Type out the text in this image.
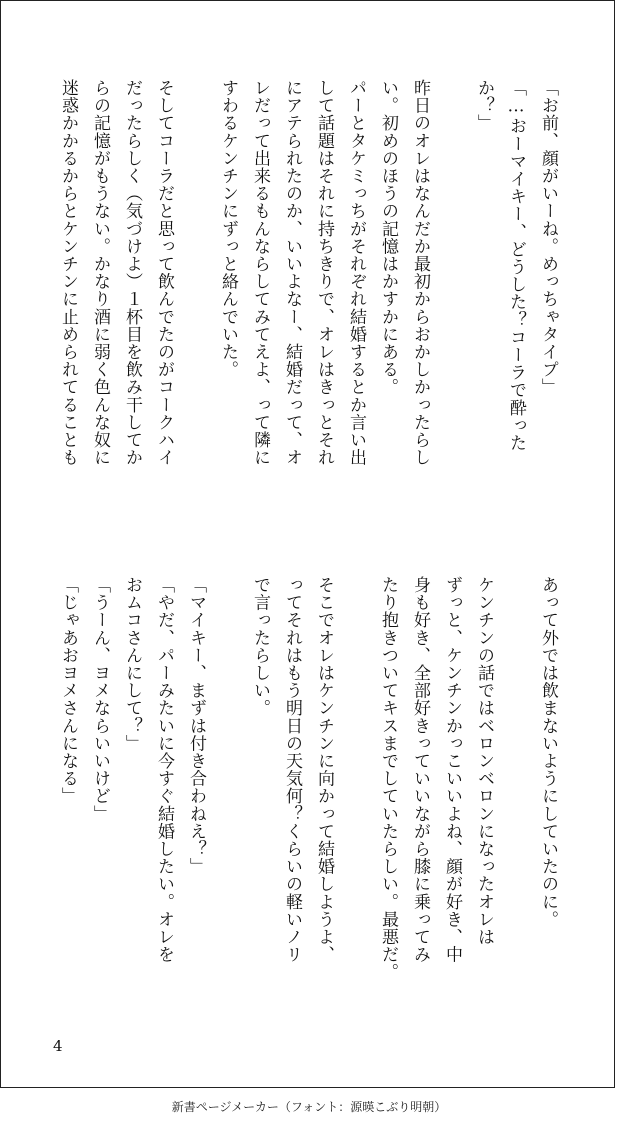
「お前、顔がいーね。めっちゃタイプ」
「…おーマイキー、どうした？コーラで酔った
か？」

昨日のオレはなんだか最初からおかしかったらし
い。初めのほうの記憶はかすかにある。
パーとタケミっちがそれぞれ結婚するとか言い出
して話題はそれに持ちきりで、オレはきっとそれ
にアテられたのか、いいよなー、結婚だって、オ
レだって出来るもんならしてみてえよ、って隣に
すわるケンチンにずっと絡んでいた。

そしてコーラだと思って飲んでたのがコークハイ
だったらしく（気づけよ）１杯目を飲み干してか
らの記憶がもうない。かなり酒に弱く色んな奴に
迷惑かかるからとケンチンに止められてることも
あって外では飲まないようにしていたのに。

ケンチンの話ではベロンベロンになったオレは
ずっと、ケンチンかっこいいよね、顔が好き、中
身も好き、全部好きっていいながら膝に乗ってみ
たり抱きついてキスまでしていたらしい。最悪だ。

そこでオレはケンチンに向かって結婚しようよ、
ってそれはもう明日の天気何？くらいの軽いノリ
で言ったらしい。

「マイキー、まずは付き合わねえ？」
「やだ、パーみたいに今すぐ結婚したい。オレを
おムコさんにして？」
「うーん、ヨメならいいけど」
「じゃあおヨメさんになる」
4
新書ページメーカー（フォント：源暎こぶり明朝）
